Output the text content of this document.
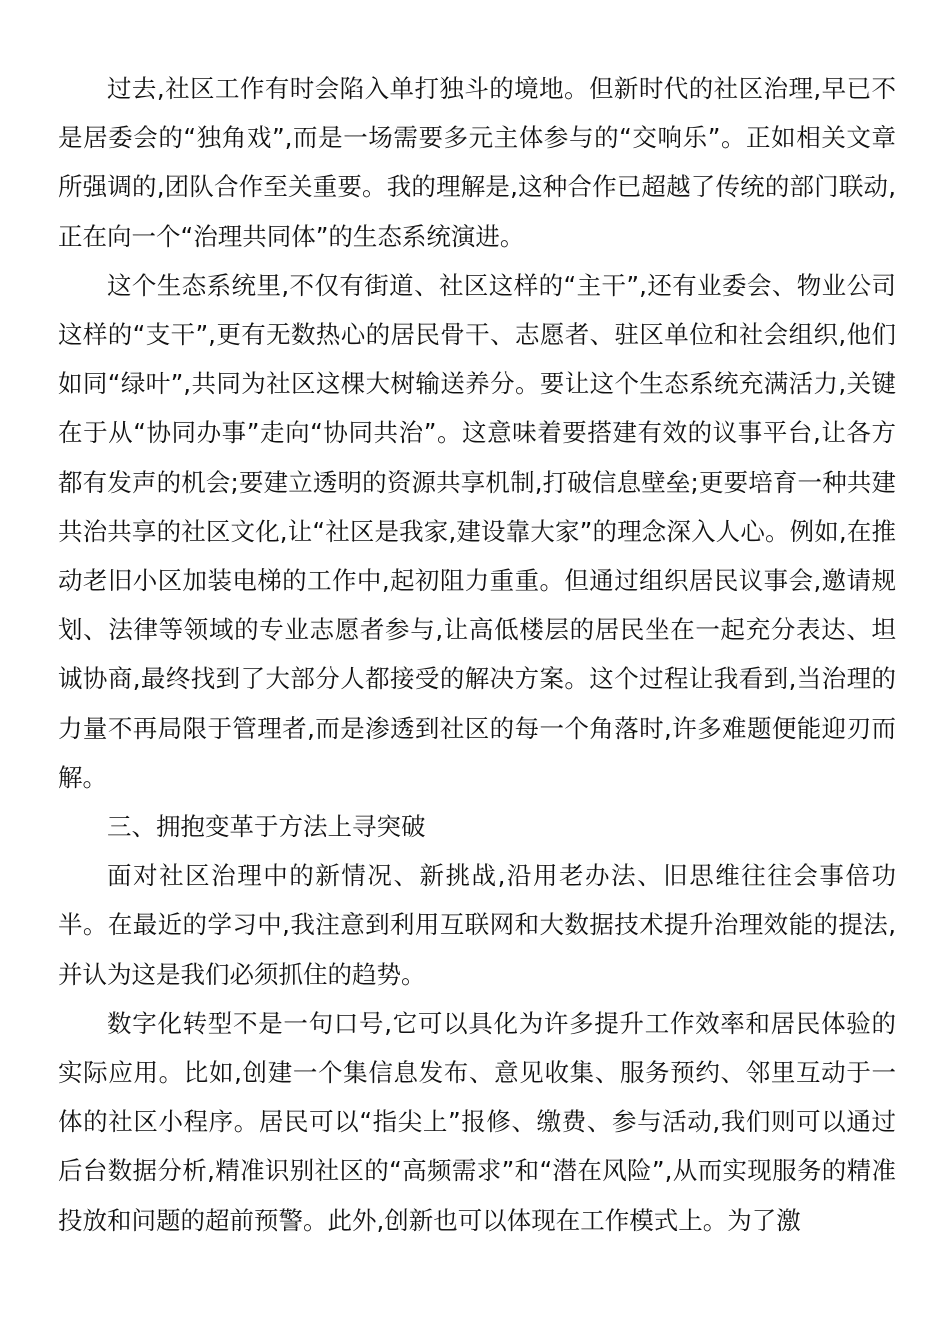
过去,社区工作有时会陷入单打独斗的境地。但新时代的社区治理,早已不是居委会的“独角戏”,而是一场需要多元主体参与的“交响乐”。正如相关文章所强调的,团队合作至关重要。我的理解是,这种合作已超越了传统的部门联动,正在向一个“治理共同体”的生态系统演进。

这个生态系统里,不仅有街道、社区这样的“主干”,还有业委会、物业公司这样的“支干”,更有无数热心的居民骨干、志愿者、驻区单位和社会组织,他们如同“绿叶”,共同为社区这棵大树输送养分。要让这个生态系统充满活力,关键在于从“协同办事”走向“协同共治”。这意味着要搭建有效的议事平台,让各方都有发声的机会;要建立透明的资源共享机制,打破信息壁垒;更要培育一种共建共治共享的社区文化,让“社区是我家,建设靠大家”的理念深入人心。例如,在推动老旧小区加装电梯的工作中,起初阻力重重。但通过组织居民议事会,邀请规划、法律等领域的专业志愿者参与,让高低楼层的居民坐在一起充分表达、坦诚协商,最终找到了大部分人都接受的解决方案。这个过程让我看到,当治理的力量不再局限于管理者,而是渗透到社区的每一个角落时,许多难题便能迎刃而解。

三、拥抱变革于方法上寻突破

面对社区治理中的新情况、新挑战,沿用老办法、旧思维往往会事倍功半。在最近的学习中,我注意到利用互联网和大数据技术提升治理效能的提法,并认为这是我们必须抓住的趋势。

数字化转型不是一句口号,它可以具化为许多提升工作效率和居民体验的实际应用。比如,创建一个集信息发布、意见收集、服务预约、邻里互动于一体的社区小程序。居民可以“指尖上”报修、缴费、参与活动,我们则可以通过后台数据分析,精准识别社区的“高频需求”和“潜在风险”,从而实现服务的精准投放和问题的超前预警。此外,创新也可以体现在工作模式上。为了激
